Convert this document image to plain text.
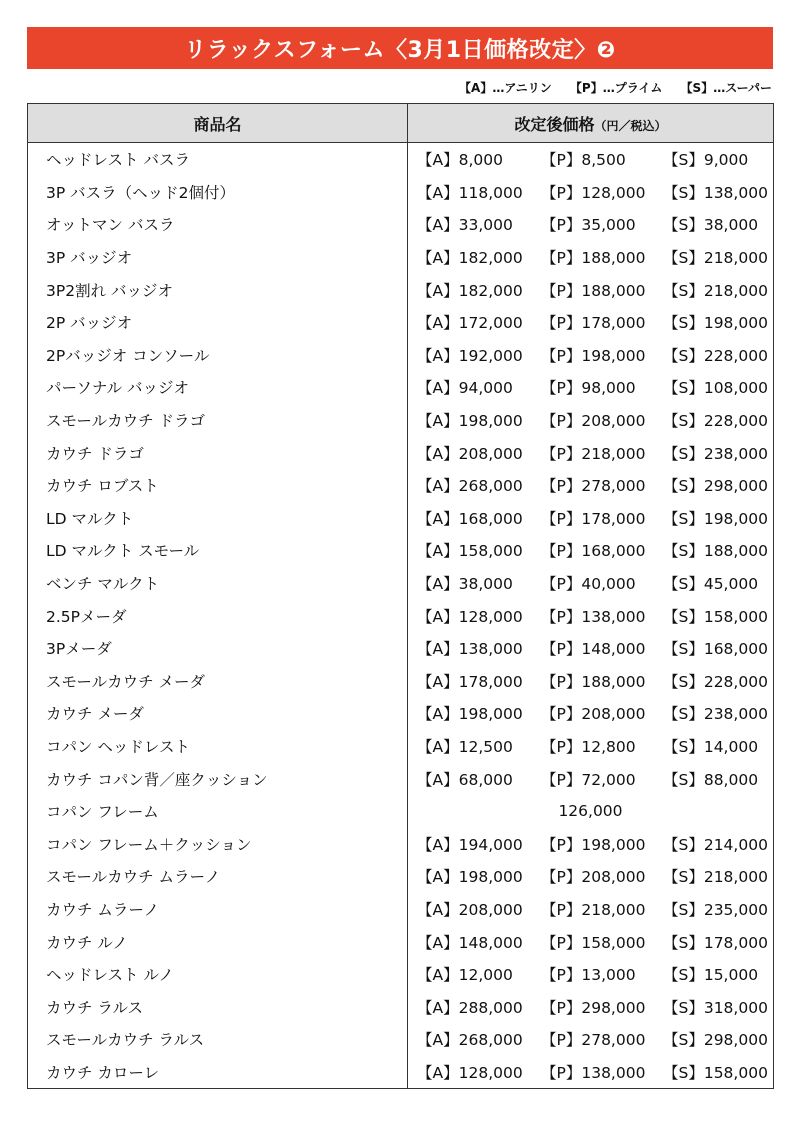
リラックスフォーム〈3月1日価格改定〉❷
【A】…アニリン 【P】…プライム 【S】…スーパー
商品名	改定後価格（円／税込）
ヘッドレスト バスラ	【A】8,000 【P】8,500 【S】9,000
3P バスラ（ヘッド2個付）	【A】118,000 【P】128,000 【S】138,000
オットマン バスラ	【A】33,000 【P】35,000 【S】38,000
3P バッジオ	【A】182,000 【P】188,000 【S】218,000
3P2割れ バッジオ	【A】182,000 【P】188,000 【S】218,000
2P バッジオ	【A】172,000 【P】178,000 【S】198,000
2Pバッジオ コンソール	【A】192,000 【P】198,000 【S】228,000
パーソナル バッジオ	【A】94,000 【P】98,000 【S】108,000
スモールカウチ ドラゴ	【A】198,000 【P】208,000 【S】228,000
カウチ ドラゴ	【A】208,000 【P】218,000 【S】238,000
カウチ ロブスト	【A】268,000 【P】278,000 【S】298,000
LD マルクト	【A】168,000 【P】178,000 【S】198,000
LD マルクト スモール	【A】158,000 【P】168,000 【S】188,000
ベンチ マルクト	【A】38,000 【P】40,000 【S】45,000
2.5Pメーダ	【A】128,000 【P】138,000 【S】158,000
3Pメーダ	【A】138,000 【P】148,000 【S】168,000
スモールカウチ メーダ	【A】178,000 【P】188,000 【S】228,000
カウチ メーダ	【A】198,000 【P】208,000 【S】238,000
コパン ヘッドレスト	【A】12,500 【P】12,800 【S】14,000
カウチ コパン背／座クッション	【A】68,000 【P】72,000 【S】88,000
コパン フレーム	126,000
コパン フレーム＋クッション	【A】194,000 【P】198,000 【S】214,000
スモールカウチ ムラーノ	【A】198,000 【P】208,000 【S】218,000
カウチ ムラーノ	【A】208,000 【P】218,000 【S】235,000
カウチ ルノ	【A】148,000 【P】158,000 【S】178,000
ヘッドレスト ルノ	【A】12,000 【P】13,000 【S】15,000
カウチ ラルス	【A】288,000 【P】298,000 【S】318,000
スモールカウチ ラルス	【A】268,000 【P】278,000 【S】298,000
カウチ カローレ	【A】128,000 【P】138,000 【S】158,000
